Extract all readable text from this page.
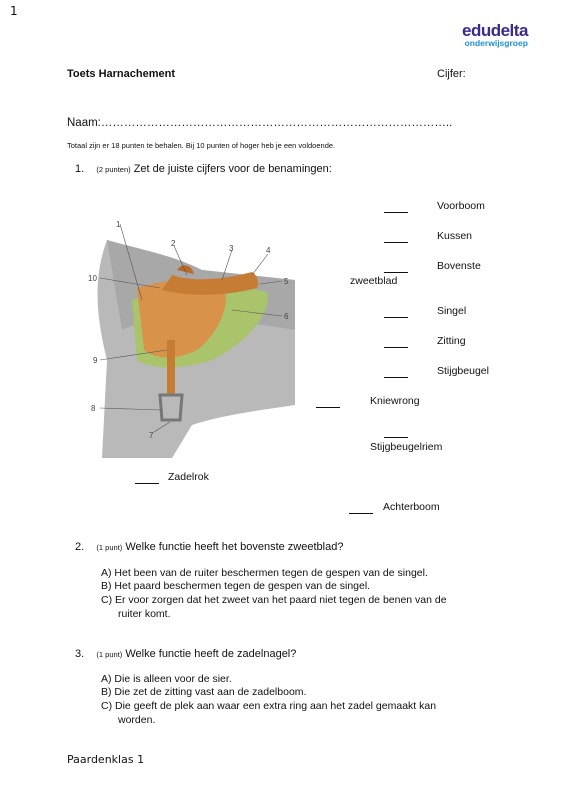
1
edudelta
onderwijsgroep
Toets Harnachement	Cijfer:
Naam:………………………………………………………………………………..
Totaal zijn er 18 punten te behalen. Bij 10 punten of hoger heb je een voldoende.
1. (2 punten) Zet de juiste cijfers voor de benamingen:
1
2
3	4
5
6
7
8
9
10
Voorboom
Kussen
Bovenste
zweetblad
Singel
Zitting
Stijgbeugel
Kniewrong
Stijgbeugelriem
Zadelrok
Achterboom
2. (1 punt) Welke functie heeft het bovenste zweetblad?
A) Het been van de ruiter beschermen tegen de gespen van de singel.
B) Het paard beschermen tegen de gespen van de singel.
C) Er voor zorgen dat het zweet van het paard niet tegen de benen van de
ruiter komt.
3. (1 punt) Welke functie heeft de zadelnagel?
A) Die is alleen voor de sier.
B) Die zet de zitting vast aan de zadelboom.
C) Die geeft de plek aan waar een extra ring aan het zadel gemaakt kan
worden.
Paardenklas 1
